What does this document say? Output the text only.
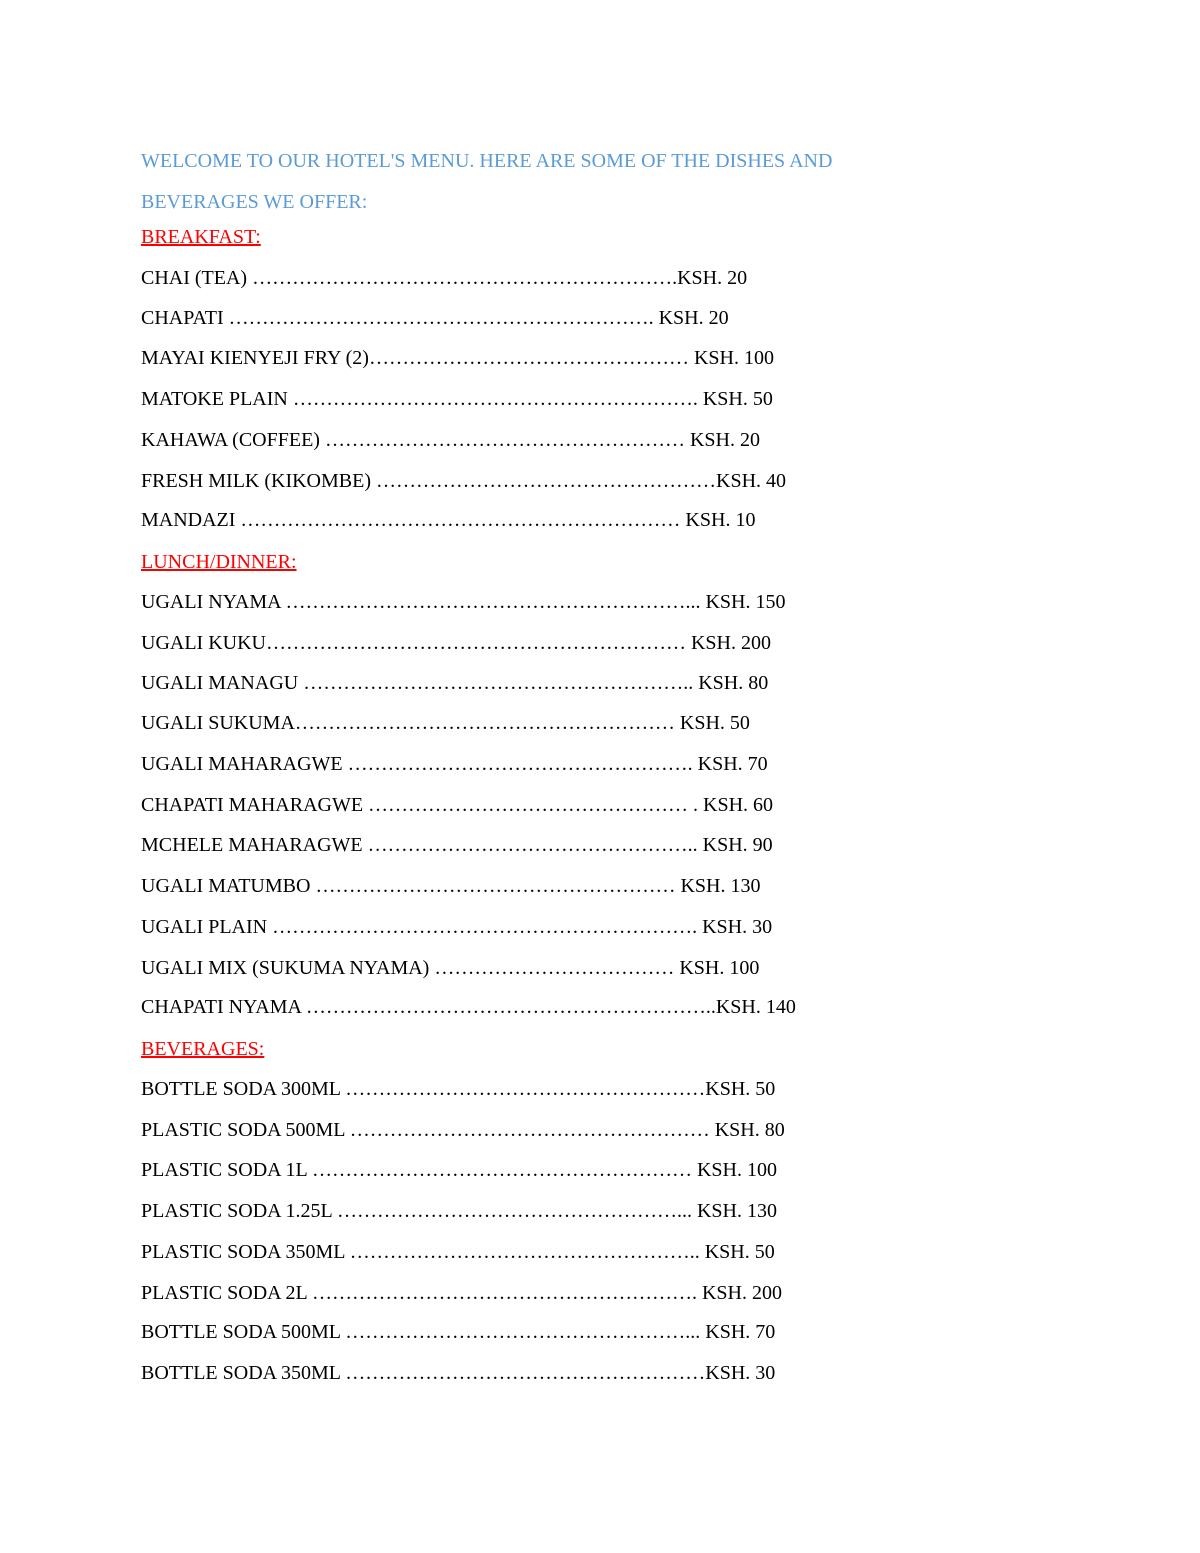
WELCOME TO OUR HOTEL'S MENU. HERE ARE SOME OF THE DISHES AND
BEVERAGES WE OFFER:

BREAKFAST:
CHAI (TEA) ……………………………………………………….KSH. 20
CHAPATI ………………………………………………………. KSH. 20
MAYAI KIENYEJI FRY (2)………………………………………… KSH. 100
MATOKE PLAIN ……………………………………………………. KSH. 50
KAHAWA (COFFEE) ……………………………………………… KSH. 20
FRESH MILK (KIKOMBE) ……………………………………………KSH. 40
MANDAZI ………………………………………………………… KSH. 10
LUNCH/DINNER:
UGALI NYAMA ……………………………………………………... KSH. 150
UGALI KUKU……………………………………………………… KSH. 200
UGALI MANAGU ………………………………………………….. KSH. 80
UGALI SUKUMA………………………………………………… KSH. 50
UGALI MAHARAGWE ……………………………………………. KSH. 70
CHAPATI MAHARAGWE ………………………………………… . KSH. 60
MCHELE MAHARAGWE ………………………………………….. KSH. 90
UGALI MATUMBO ……………………………………………… KSH. 130
UGALI PLAIN ………………………………………………………. KSH. 30
UGALI MIX (SUKUMA NYAMA) ……………………………… KSH. 100
CHAPATI NYAMA ……………………………………………………..KSH. 140
BEVERAGES:
BOTTLE SODA 300ML ………………………………………………KSH. 50
PLASTIC SODA 500ML ……………………………………………… KSH. 80
PLASTIC SODA 1L ………………………………………………… KSH. 100
PLASTIC SODA 1.25L ……………………………………………... KSH. 130
PLASTIC SODA 350ML …………………………………………….. KSH. 50
PLASTIC SODA 2L …………………………………………………. KSH. 200
BOTTLE SODA 500ML ……………………………………………... KSH. 70
BOTTLE SODA 350ML ………………………………………………KSH. 30
